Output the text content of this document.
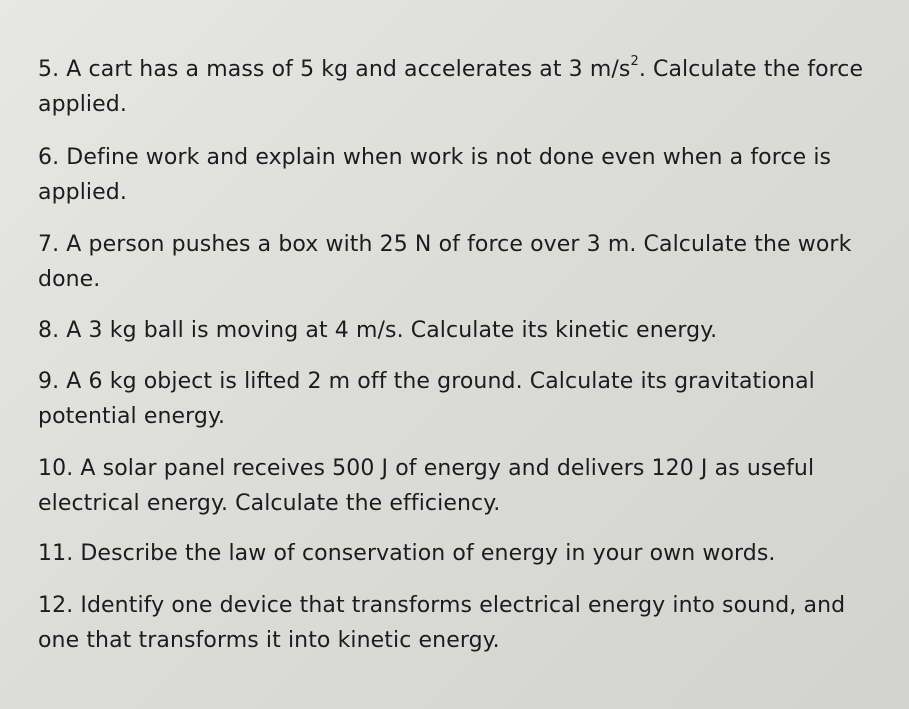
5. A cart has a mass of 5 kg and accelerates at 3 $m/s^2$. Calculate the force applied.

6. Define work and explain when work is not done even when a force is applied.

7. A person pushes a box with 25 N of force over 3 m. Calculate the work done.

8. A 3 kg ball is moving at 4 m/s. Calculate its kinetic energy.

9. A 6 kg object is lifted 2 m off the ground. Calculate its gravitational potential energy.

10. A solar panel receives 500 J of energy and delivers 120 J as useful electrical energy. Calculate the efficiency.

11. Describe the law of conservation of energy in your own words.

12. Identify one device that transforms electrical energy into sound, and one that transforms it into kinetic energy.
